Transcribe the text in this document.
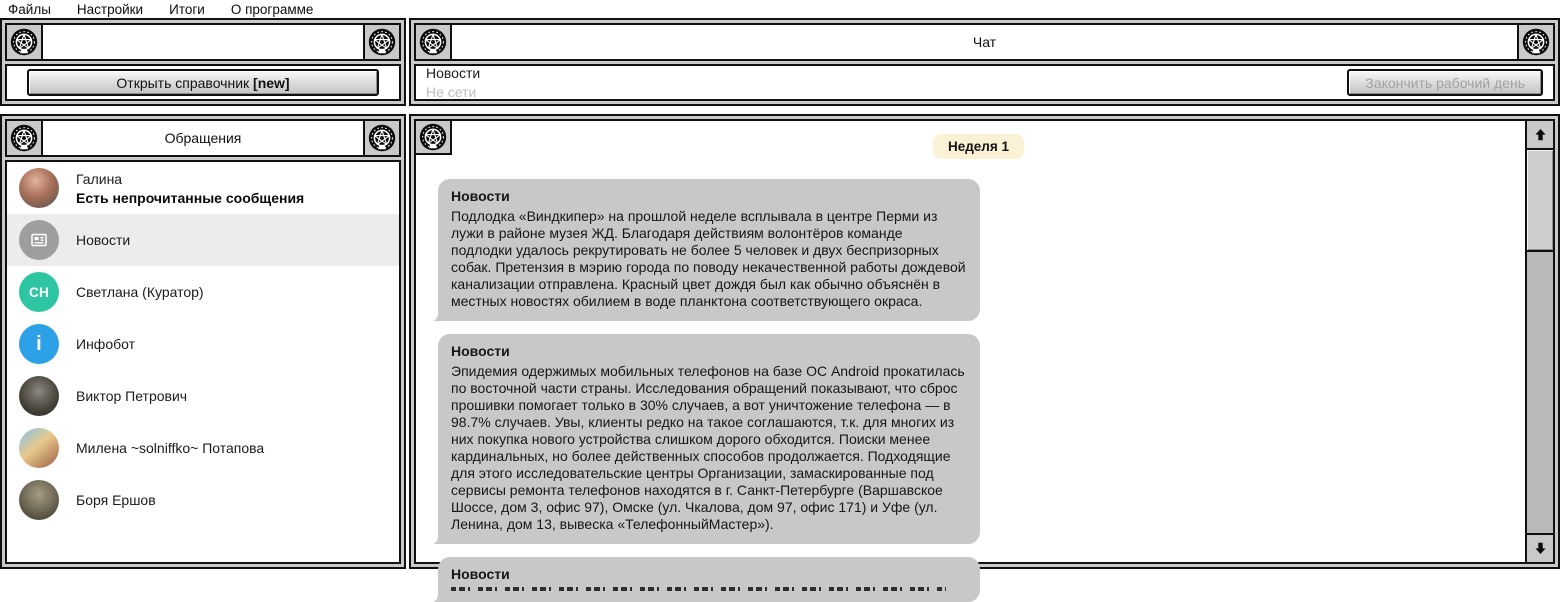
Файлы Настройки Итоги О программе
Открыть справочник [new]
Обращения
Галина
Есть непрочитанные сообщения
Новости
СН Светлана (Куратор)
i Инфобот
Виктор Петрович
Милена ~solniffko~ Потапова
Боря Ершов
Чат
Новости
Не сети
Закончить рабочий день
Неделя 1
Новости
Подлодка «Виндкипер» на прошлой неделе всплывала в центре Перми из лужи в районе музея ЖД. Благодаря действиям волонтёров команде подлодки удалось рекрутировать не более 5 человек и двух беспризорных собак. Претензия в мэрию города по поводу некачественной работы дождевой канализации отправлена. Красный цвет дождя был как обычно объяснён в местных новостях обилием в воде планктона соответствующего окраса.
Новости
Эпидемия одержимых мобильных телефонов на базе ОС Android прокатилась по восточной части страны. Исследования обращений показывают, что сброс прошивки помогает только в 30% случаев, а вот уничтожение телефона — в 98.7% случаев. Увы, клиенты редко на такое соглашаются, т.к. для многих из них покупка нового устройства слишком дорого обходится. Поиски менее кардинальных, но более действенных способов продолжается. Подходящие для этого исследовательские центры Организации, замаскированные под сервисы ремонта телефонов находятся в г. Санкт-Петербурге (Варшавское Шоссе, дом 3, офис 97), Омске (ул. Чкалова, дом 97, офис 171) и Уфе (ул. Ленина, дом 13, вывеска «ТелефонныйМастер»).
Новости
